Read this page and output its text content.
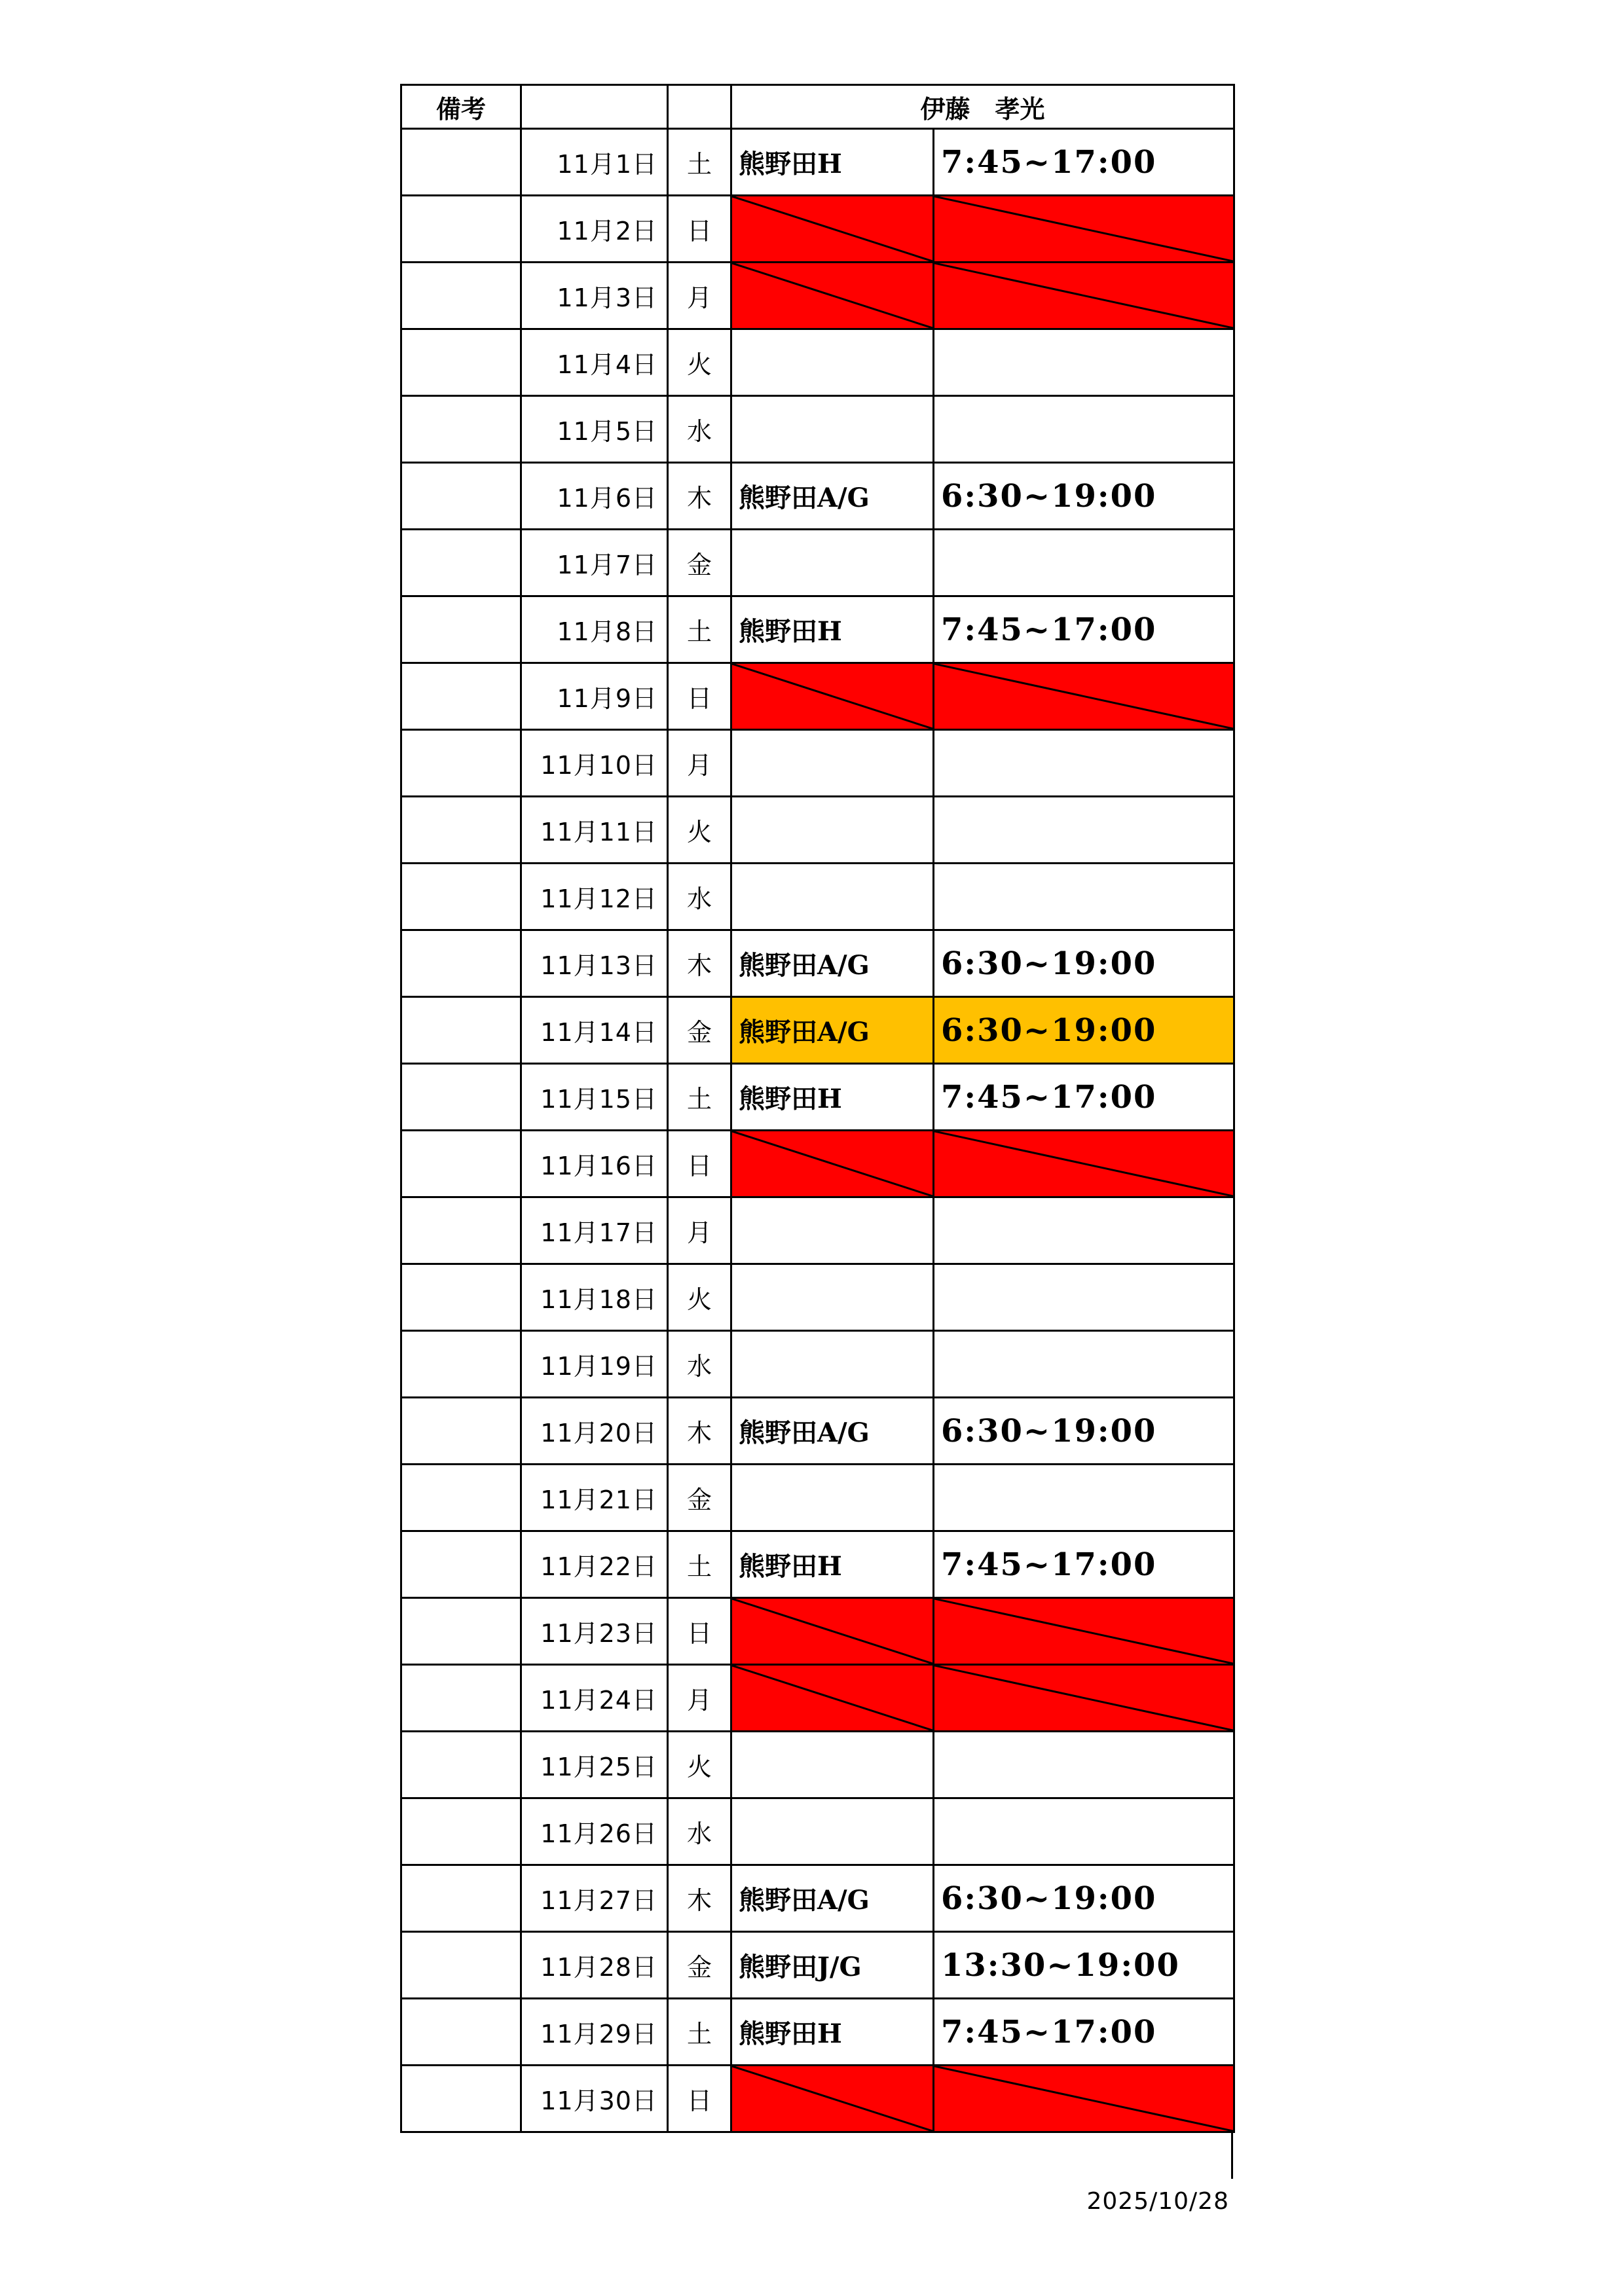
備考			伊藤　孝光	
	11月1日	土	熊野田H	7:45~17:00
	11月2日	日	

	11月3日	月	

	11月4日	火		
	11月5日	水		
	11月6日	木	熊野田A/G	6:30~19:00
	11月7日	金		
	11月8日	土	熊野田H	7:45~17:00
	11月9日	日	

	11月10日	月		
	11月11日	火		
	11月12日	水		
	11月13日	木	熊野田A/G	6:30~19:00
	11月14日	金	熊野田A/G	6:30~19:00
	11月15日	土	熊野田H	7:45~17:00
	11月16日	日	

	11月17日	月		
	11月18日	火		
	11月19日	水		
	11月20日	木	熊野田A/G	6:30~19:00
	11月21日	金		
	11月22日	土	熊野田H	7:45~17:00
	11月23日	日	

	11月24日	月	

	11月25日	火		
	11月26日	水		
	11月27日	木	熊野田A/G	6:30~19:00
	11月28日	金	熊野田J/G	13:30~19:00
	11月29日	土	熊野田H	7:45~17:00
	11月30日	日	

2025/10/28
